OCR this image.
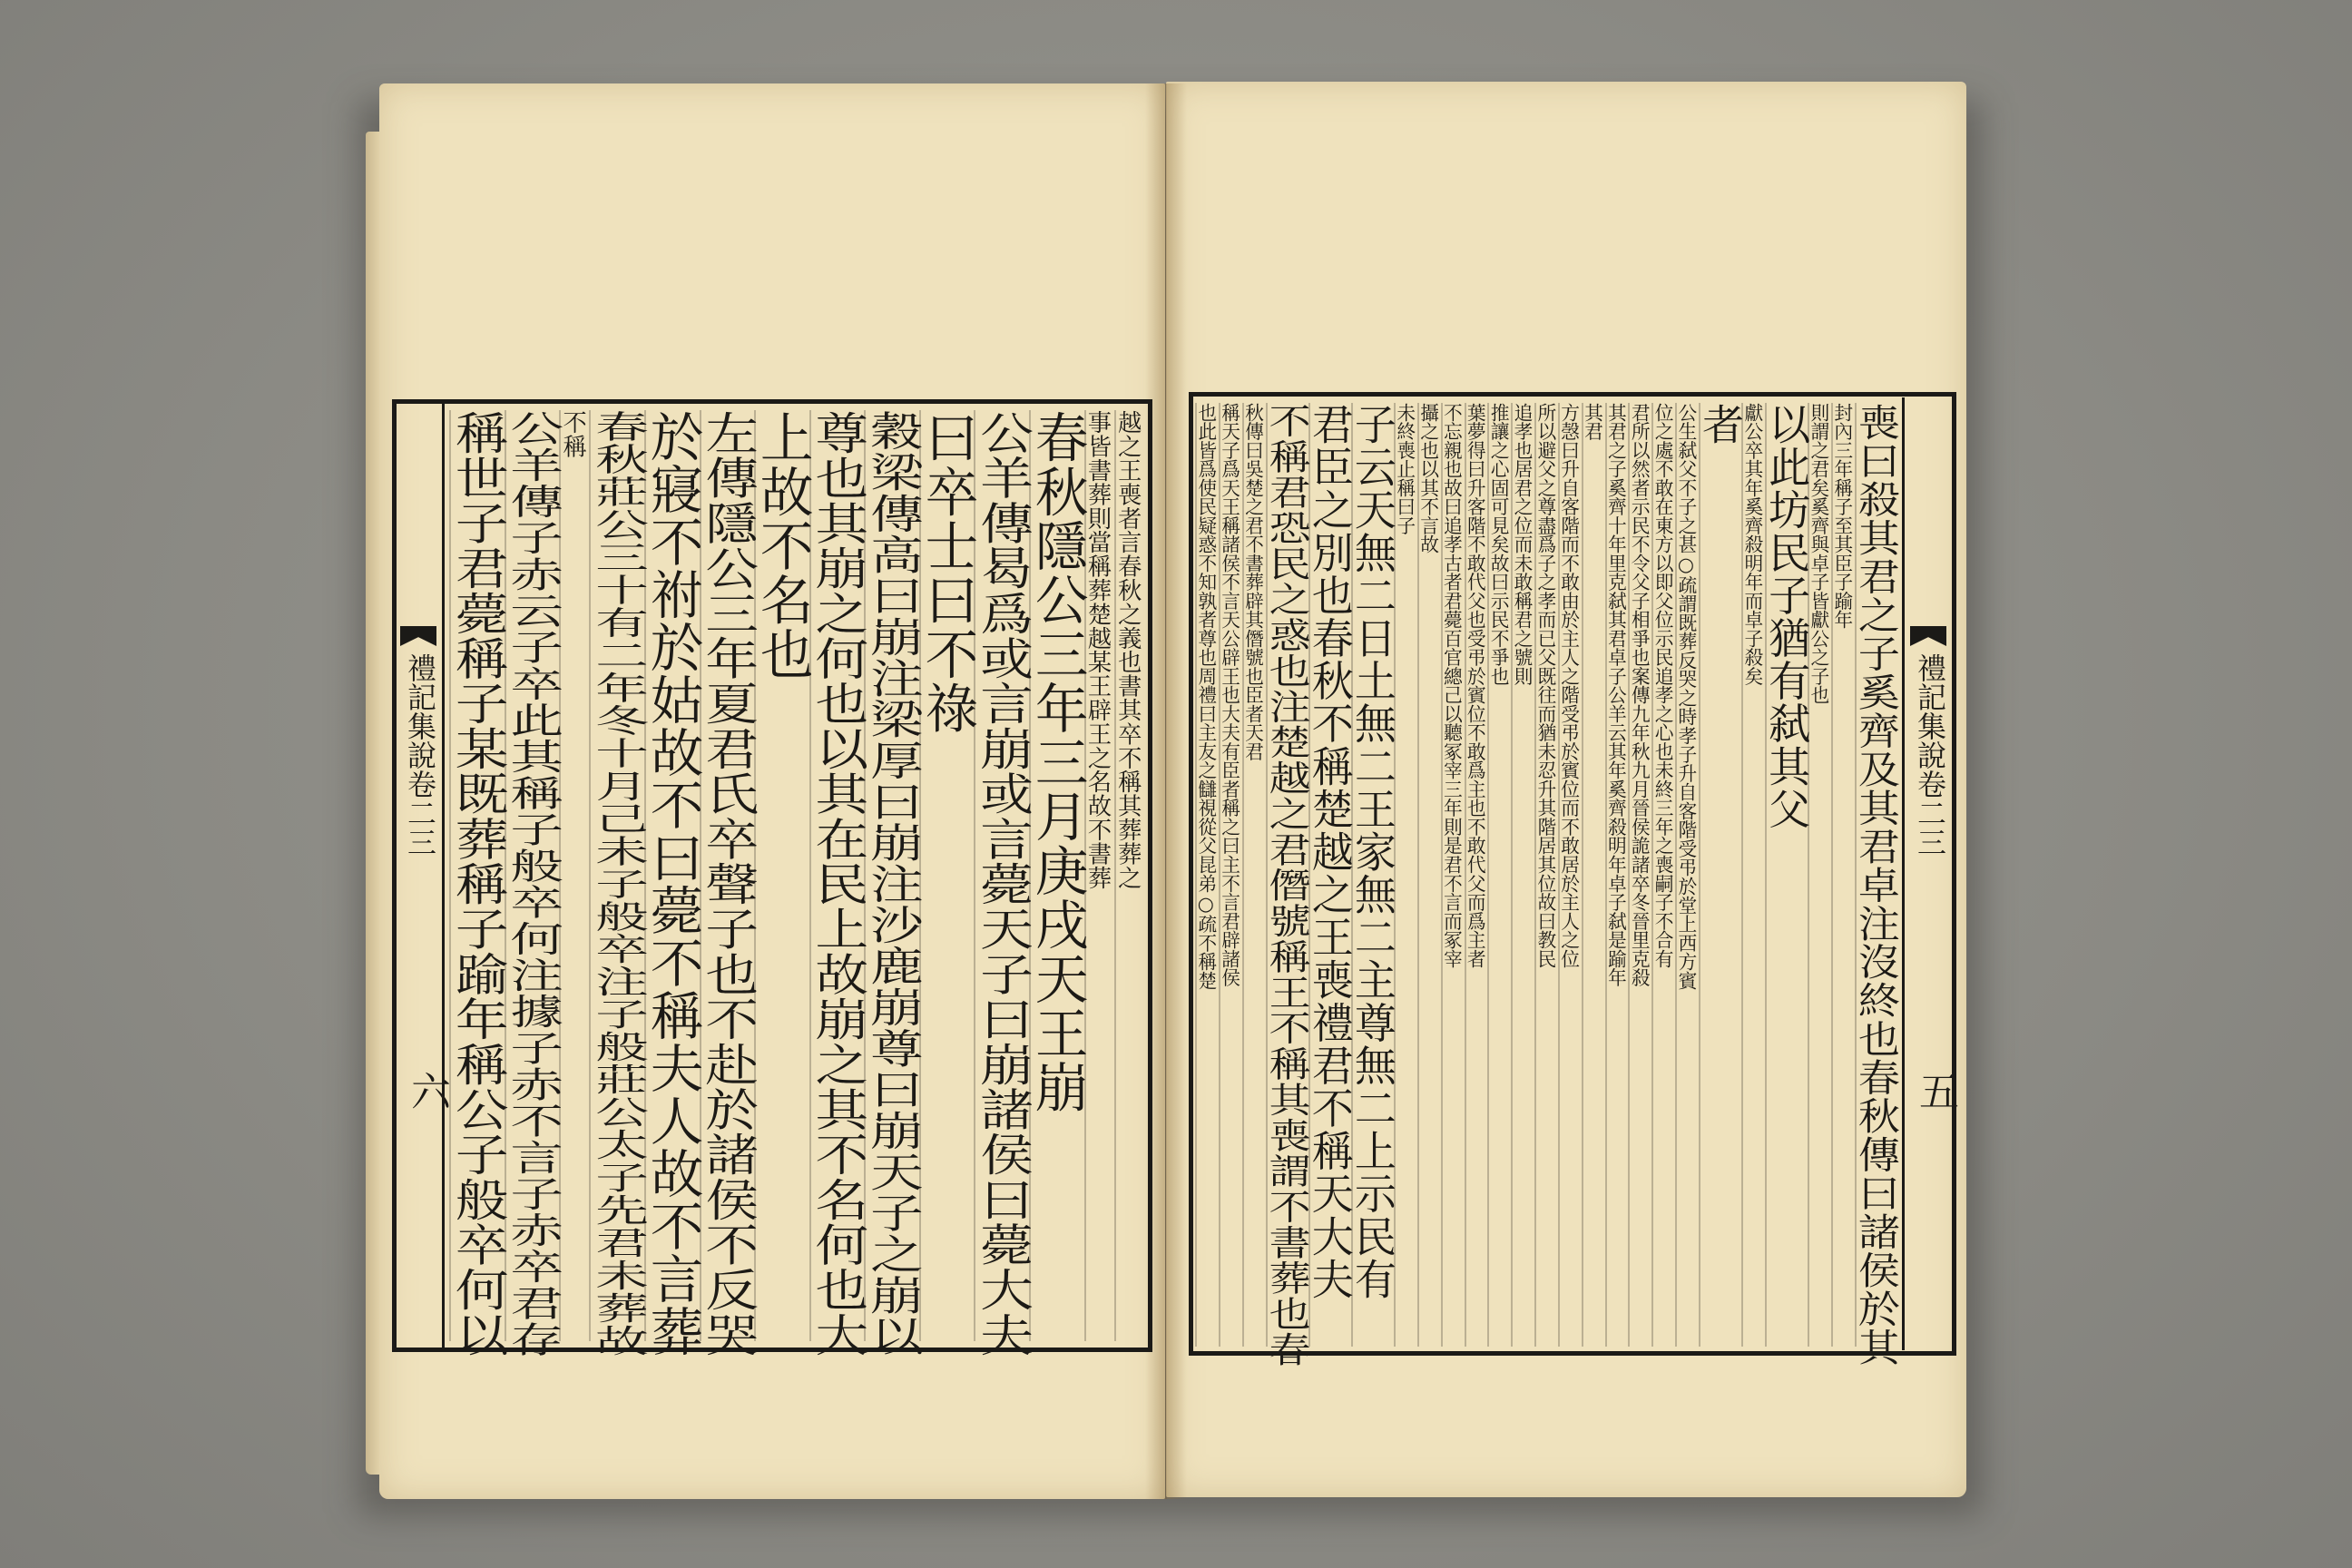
禮記集說卷二三
六
越之王喪者言春秋之義也書其卒不稱其葬葬之
事皆書葬則當稱葬楚越某王辟王之名故不書葬
春秋隱公三年三月庚戌天王崩
公羊傳曷爲或言崩或言薨天子曰崩諸侯曰薨大夫
曰卒士曰不祿
穀梁傳高曰崩注梁厚曰崩注沙鹿崩尊曰崩天子之崩以
尊也其崩之何也以其在民上故崩之其不名何也大
上故不名也
左傳隱公三年夏君氏卒聲子也不赴於諸侯不反哭
於寢不祔於姑故不曰薨不稱夫人故不言葬
春秋莊公三十有二年冬十月己未子般卒注子般莊公太子先君未葬故
不稱
公羊傳子赤云子卒此其稱子般卒何注據子赤不言子赤卒君存
稱世子君薨稱子某既葬稱子踰年稱公子般卒何以	禮記集說卷二三
五
喪曰殺其君之子奚齊及其君卓注沒終也春秋傳曰諸侯於其
封內三年稱子至其臣子踰年
則謂之君矣奚齊與卓子皆獻公之子也
以此坊民子猶有弑其父
獻公卒其年奚齊殺明年而卓子殺矣
者
公生弑父不子之甚○疏謂既葬反哭之時孝子升自客階受弔於堂上西方賓
位之處不敢在東方以即父位示民追孝之心也未終三年之喪嗣子不合有
君所以然者示民不令父子相爭也案傳九年秋九月晉侯詭諸卒冬晉里克殺
其君之子奚齊十年里克弑其君卓子公羊云其年奚齊殺明年卓子弑是踰年
其君
方愨曰升自客階而不敢由於主人之階受弔於賓位而不敢居於主人之位
所以避父之尊盡爲子之孝而已父既往而猶未忍升其階居其位故曰教民
追孝也居君之位而未敢稱君之號則
推讓之心固可見矣故曰示民不爭也
葉夢得曰升客階不敢代父也受弔於賓位不敢爲主也不敢代父而爲主者
不忘親也故曰追孝古者君薨百官總己以聽冢宰三年則是君不言而冢宰
攝之也以其不言故
未終喪止稱曰子
子云天無二日土無二王家無二主尊無二上示民有
君臣之別也春秋不稱楚越之王喪禮君不稱天大夫
不稱君恐民之惑也注楚越之君僭號稱王不稱其喪謂不書葬也春
秋傳曰吳楚之君不書葬辟其僭號也臣者天君
稱天子爲天王稱諸侯不言天公辟王也大夫有臣者稱之曰主不言君辟諸侯
也此皆爲使民疑惑不知孰者尊也周禮曰主友之讎視從父昆弟○疏不稱楚
